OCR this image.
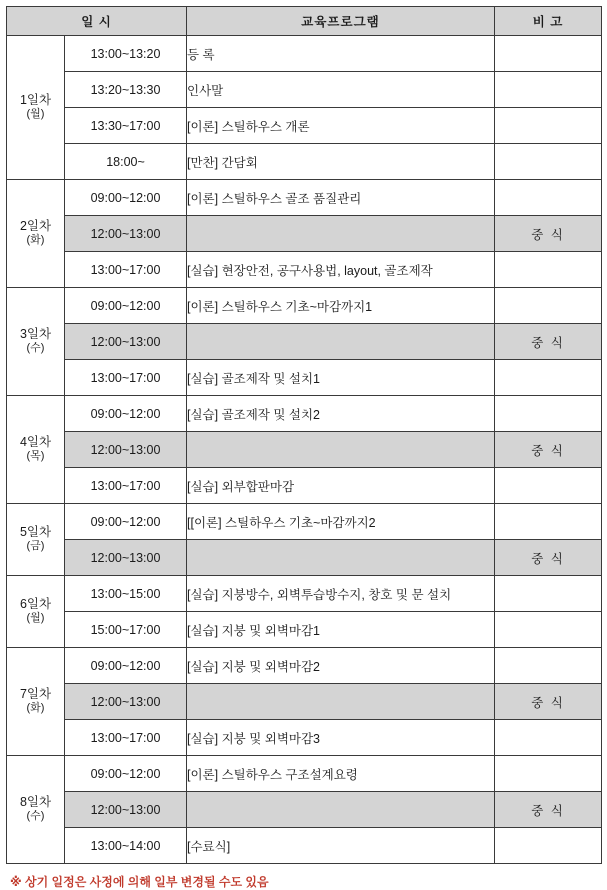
일 시		교육프로그램	비 고

1일차
(월)	13:00~13:20	등 록	
	13:20~13:30	인사말	
	13:30~17:00	[이론] 스틸하우스 개론	
	18:00~	[만찬] 간담회	

2일차
(화)	09:00~12:00	[이론] 스틸하우스 골조 품질관리	
	12:00~13:00		중 식
	13:00~17:00	[실습] 현장안전, 공구사용법, layout, 골조제작	

3일차
(수)	09:00~12:00	[이론] 스틸하우스 기초~마감까지1	
	12:00~13:00		중 식
	13:00~17:00	[실습] 골조제작 및 설치1	

4일차
(목)	09:00~12:00	[실습] 골조제작 및 설치2	
	12:00~13:00		중 식
	13:00~17:00	[실습] 외부합판마감	

5일차
(금)	09:00~12:00	[[이론] 스틸하우스 기초~마감까지2	
	12:00~13:00		중 식

6일차
(월)	13:00~15:00	[실습] 지붕방수, 외벽투습방수지, 창호 및 문 설치	
	15:00~17:00	[실습] 지붕 및 외벽마감1	

7일차
(화)	09:00~12:00	[실습] 지붕 및 외벽마감2	
	12:00~13:00		중 식
	13:00~17:00	[실습] 지붕 및 외벽마감3	

8일차
(수)	09:00~12:00	[이론] 스틸하우스 구조설계요령	
	12:00~13:00		중 식
	13:00~14:00	[수료식]	
※ 상기 일정은 사정에 의해 일부 변경될 수도 있음
